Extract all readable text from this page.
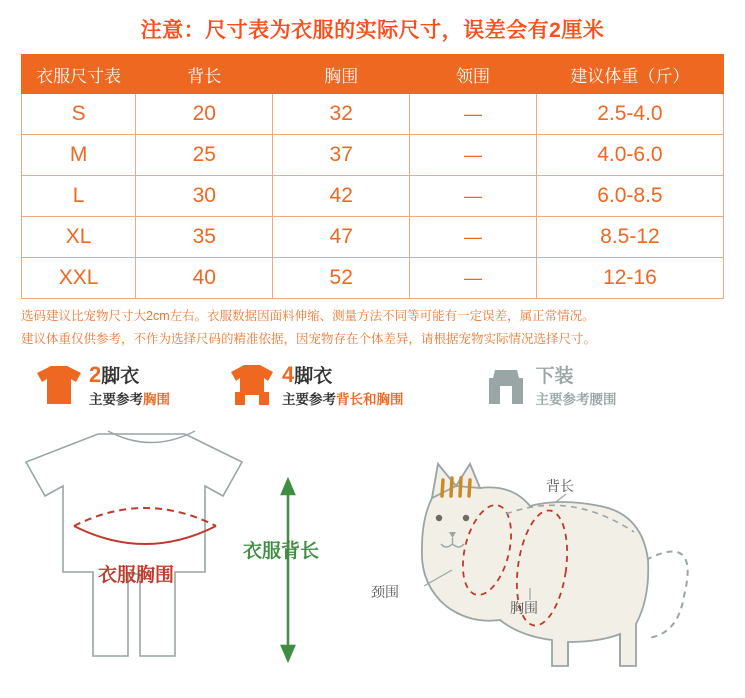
注意：尺寸表为衣服的实际尺寸，误差会有2厘米
衣服尺寸表	背长	胸围	领围	建议体重（斤）
S	20	32	—	2.5-4.0
M	25	37	—	4.0-6.0
L	30	42	—	6.0-8.5
XL	35	47	—	8.5-12
XXL	40	52	—	12-16
选码建议比宠物尺寸大2cm左右。衣服数据因面料伸缩、测量方法不同等可能有一定误差，属正常情况。
建议体重仅供参考，不作为选择尺码的精准依据，因宠物存在个体差异，请根据宠物实际情况选择尺寸。
2脚衣
主要参考胸围
4脚衣
主要参考背长和胸围
下装
主要参考腰围
衣服胸围
衣服背长
背长
颈围
胸围
